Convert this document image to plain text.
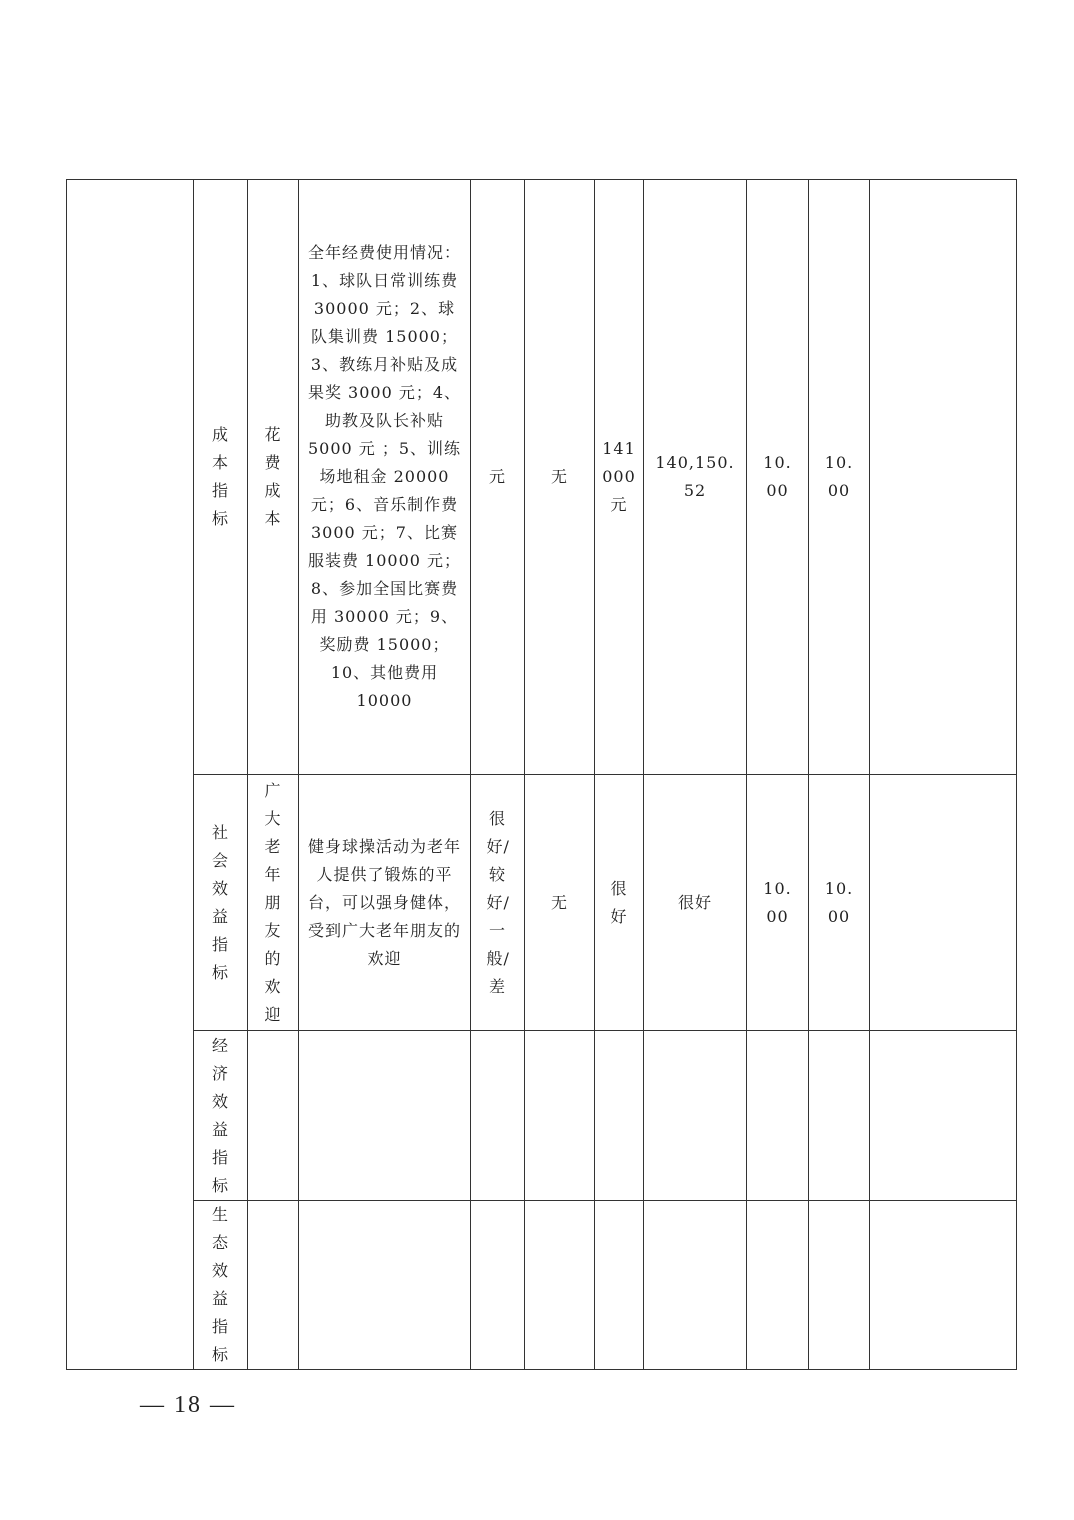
	成本指标	花费成本	全年经费使用情况：1、球队日常训练费 30000 元；2、球队集训费 15000；3、教练月补贴及成果奖 3000 元；4、助教及队长补贴 5000 元 ；5、训练场地租金 20000 元；6、音乐制作费 3000 元；7、比赛服装费 10000 元；8、参加全国比赛费用 30000 元；9、奖励费 15000；10、其他费用 10000	元	无	141000元	140,150.52	10.00	10.00	
	社会效益指标	广大老年朋友的欢迎	健身球操活动为老年人提供了锻炼的平台，可以强身健体，受到广大老年朋友的欢迎	很好/较好/一般/差	无	很好	很好	10.00	10.00	
	经济效益指标									
	生态效益指标									
— 18 —
